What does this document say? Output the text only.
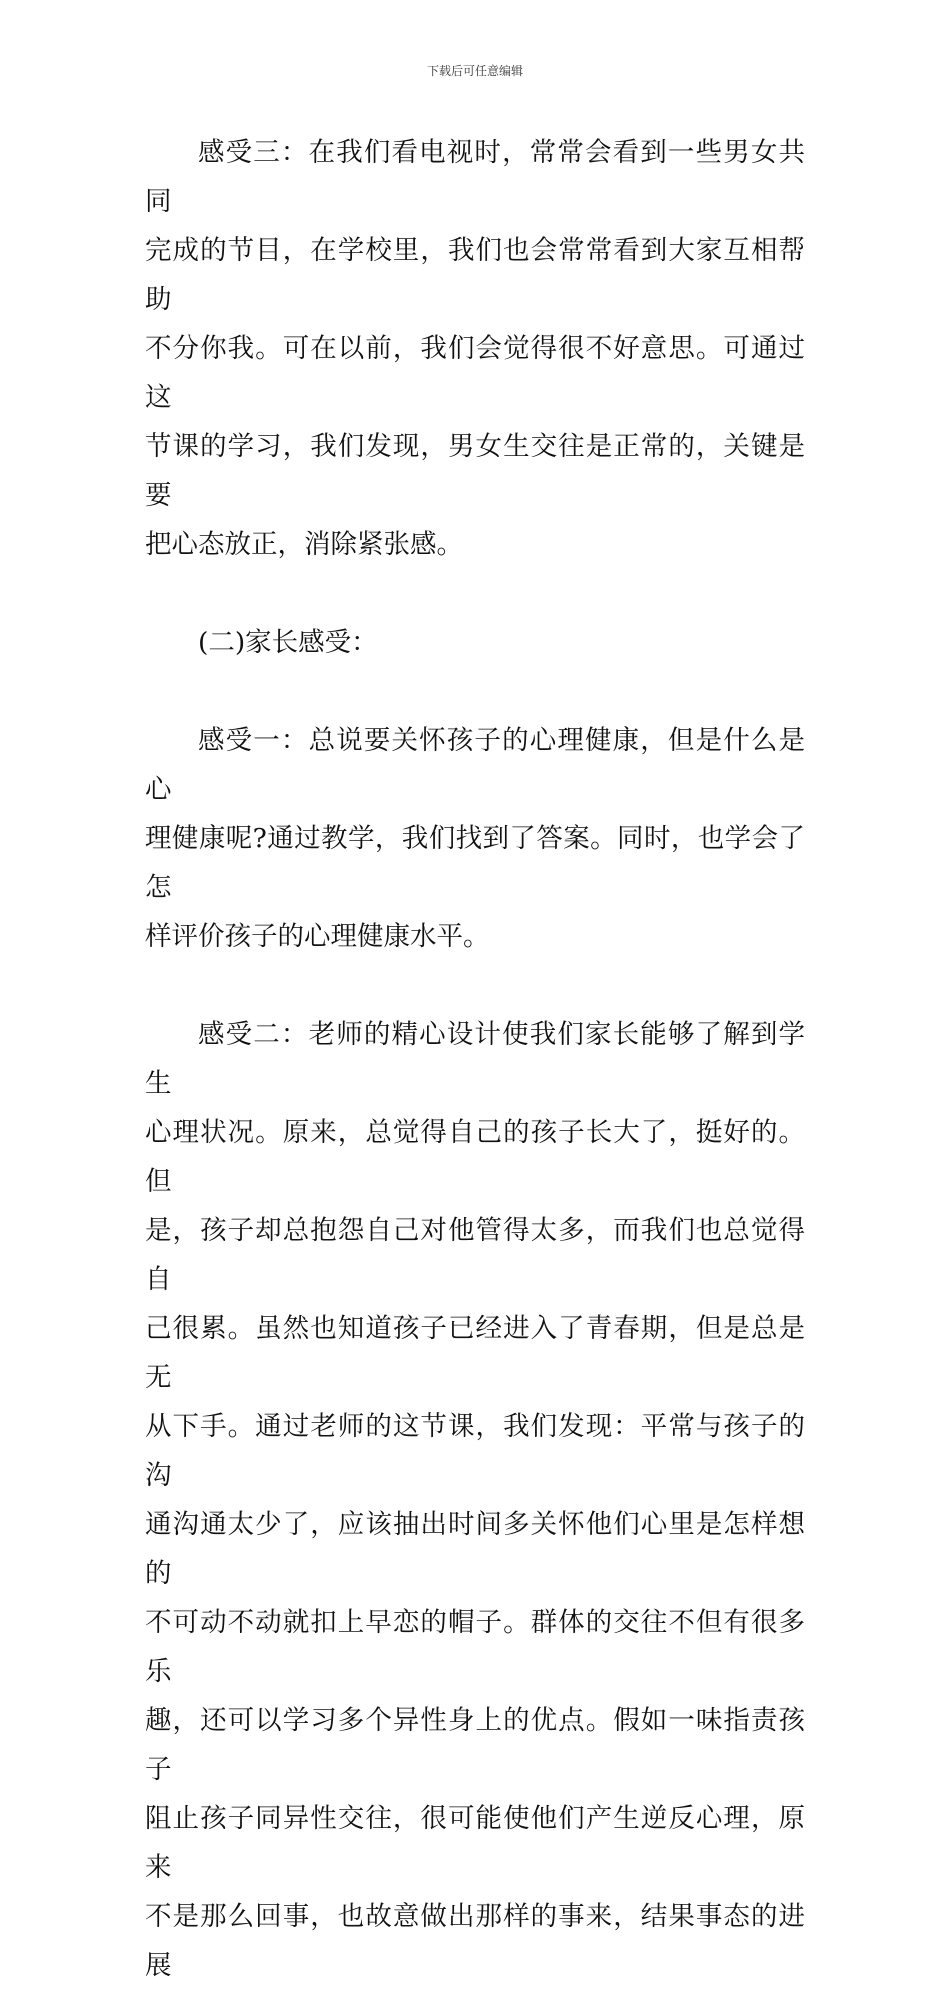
下载后可任意编辑

感受三：在我们看电视时，常常会看到一些男女共同
完成的节目，在学校里，我们也会常常看到大家互相帮助
不分你我。可在以前，我们会觉得很不好意思。可通过这
节课的学习，我们发现，男女生交往是正常的，关键是要
把心态放正，消除紧张感。

(二)家长感受：

感受一：总说要关怀孩子的心理健康，但是什么是心
理健康呢?通过教学，我们找到了答案。同时，也学会了怎
样评价孩子的心理健康水平。

感受二：老师的精心设计使我们家长能够了解到学生
心理状况。原来，总觉得自己的孩子长大了，挺好的。但
是，孩子却总抱怨自己对他管得太多，而我们也总觉得自
己很累。虽然也知道孩子已经进入了青春期，但是总是无
从下手。通过老师的这节课，我们发现：平常与孩子的沟
通沟通太少了，应该抽出时间多关怀他们心里是怎样想的
不可动不动就扣上早恋的帽子。群体的交往不但有很多乐
趣，还可以学习多个异性身上的优点。假如一味指责孩子
阻止孩子同异性交往，很可能使他们产生逆反心理，原来
不是那么回事，也故意做出那样的事来，结果事态的进展
